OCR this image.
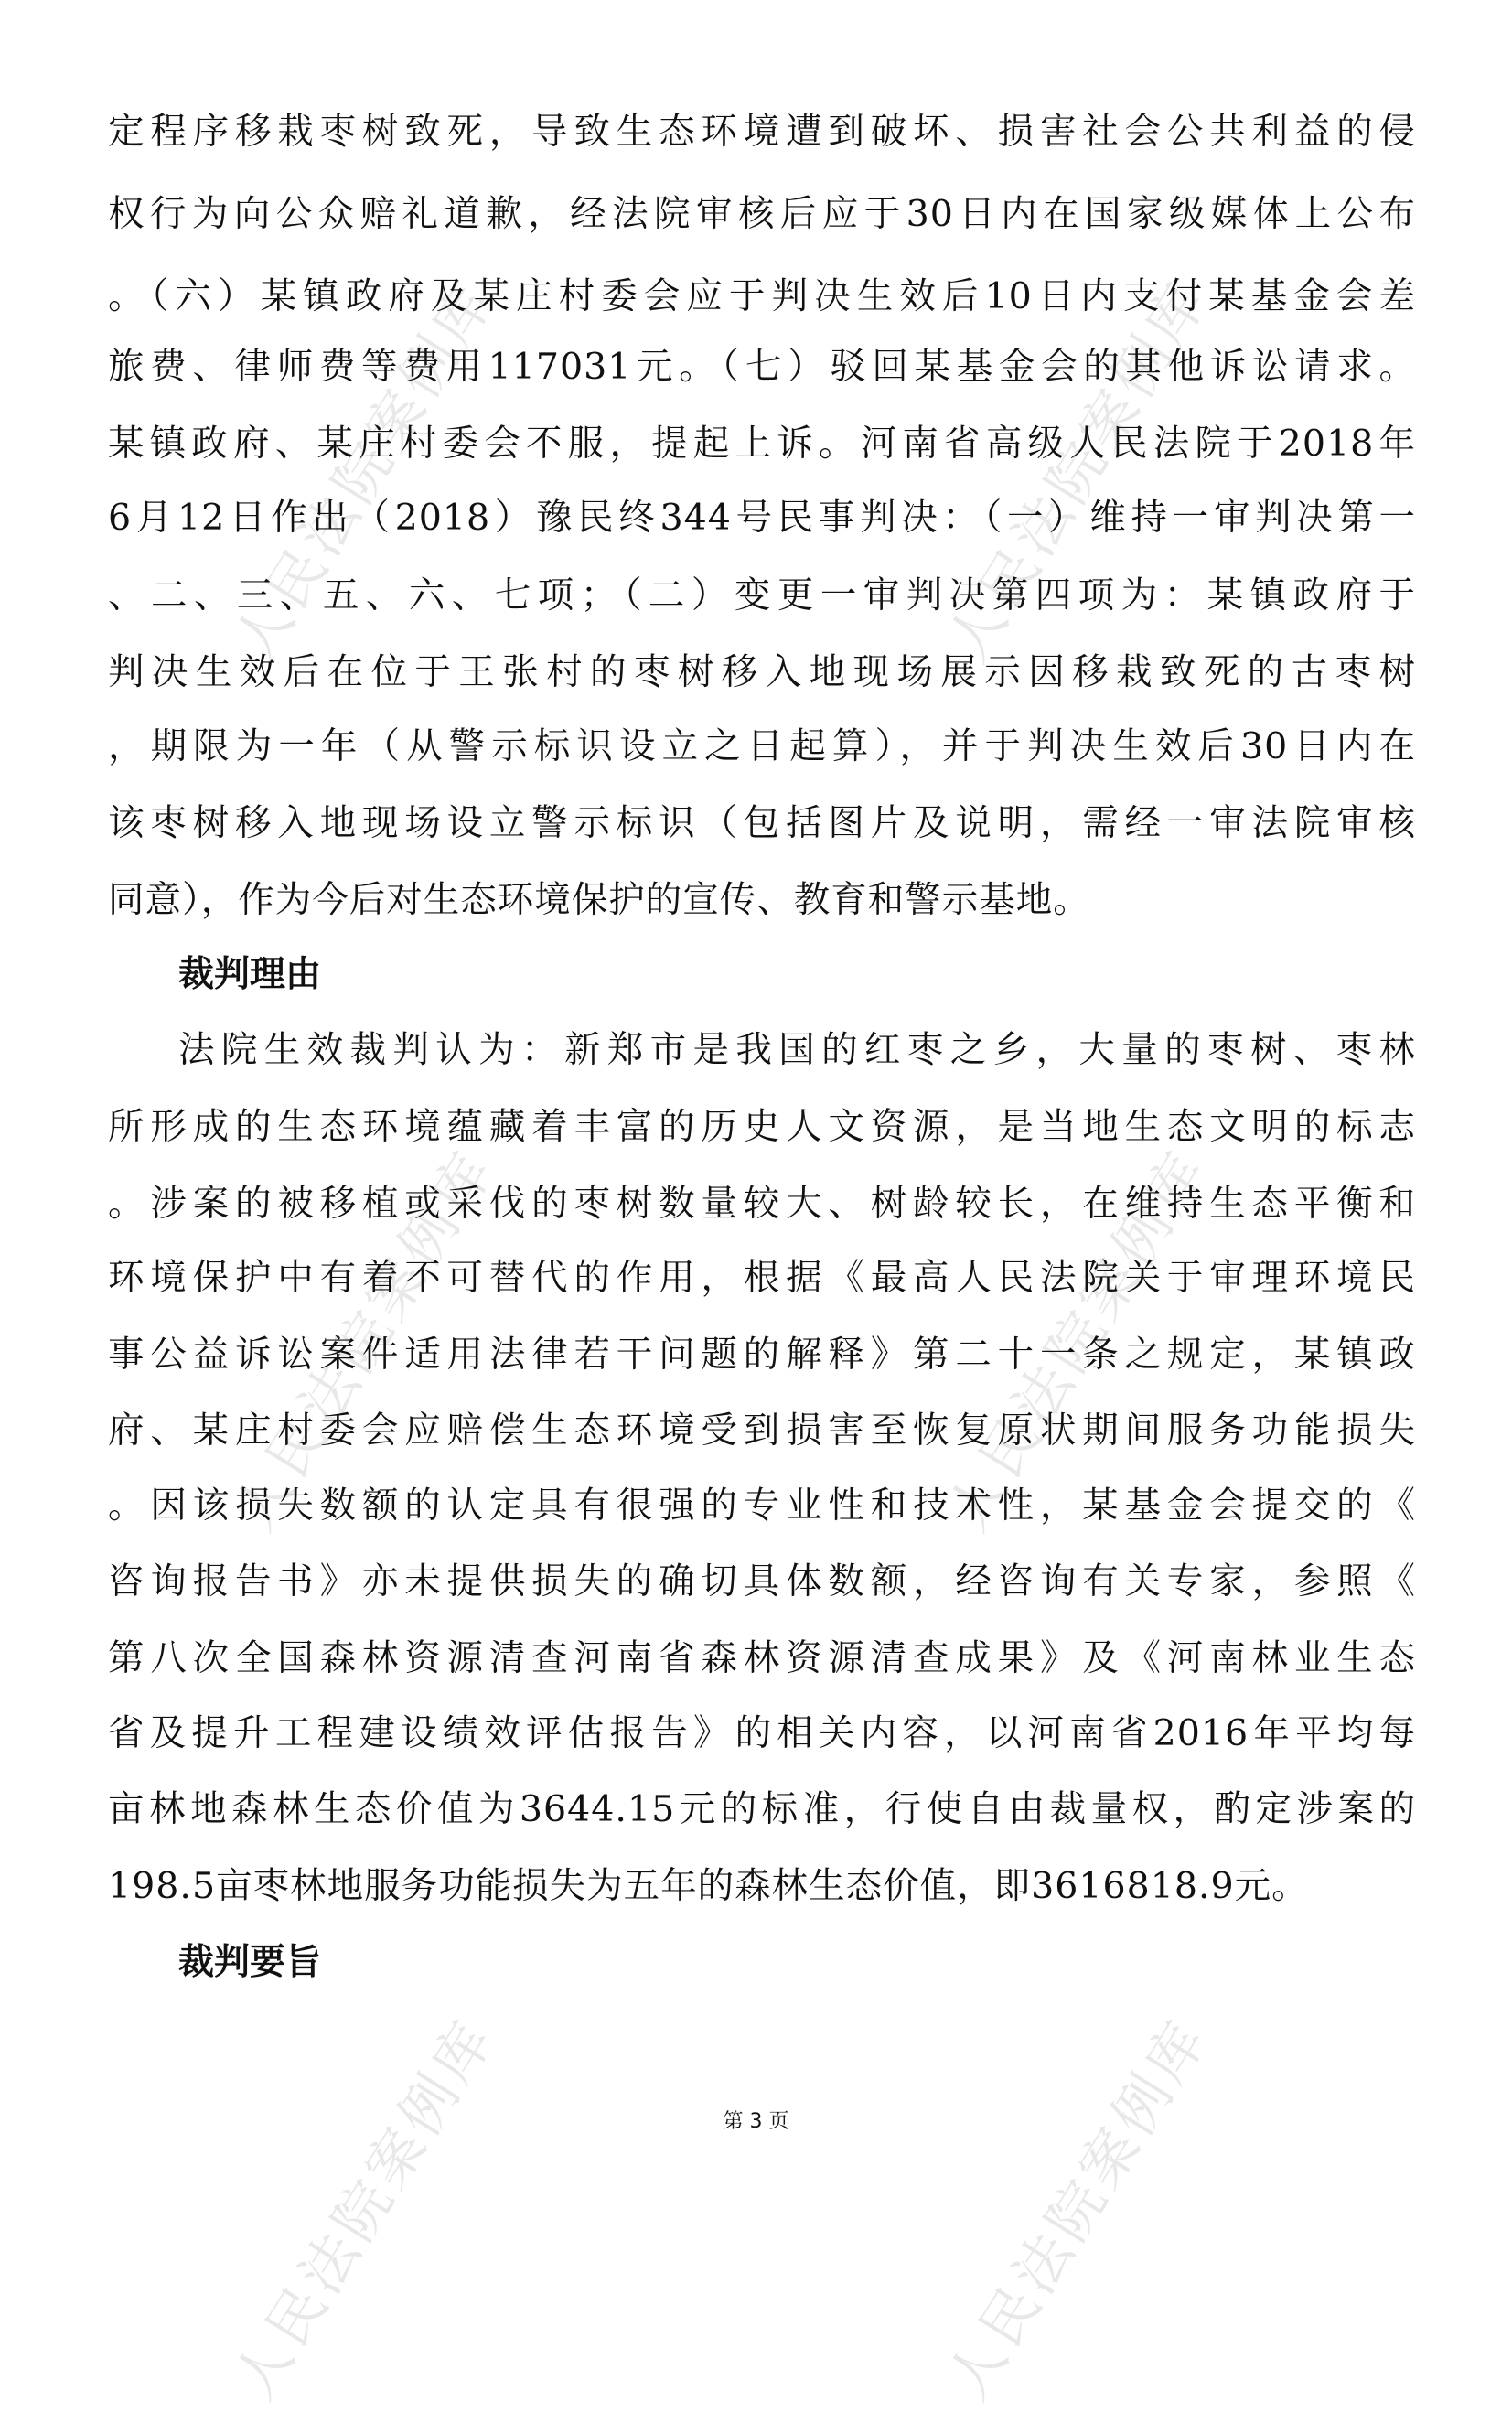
人民法院案例库	人民法院案例库
人民法院案例库	人民法院案例库
人民法院案例库	人民法院案例库
定程序移栽枣树致死，导致生态环境遭到破坏、损害社会公共利益的侵
权行为向公众赔礼道歉，经法院审核后应于30日内在国家级媒体上公布
。（六）某镇政府及某庄村委会应于判决生效后10日内支付某基金会差
旅费、律师费等费用117031元。（七）驳回某基金会的其他诉讼请求。
某镇政府、某庄村委会不服，提起上诉。河南省高级人民法院于2018年
6月12日作出（2018）豫民终344号民事判决：（一）维持一审判决第一
、二、三、五、六、七项；（二）变更一审判决第四项为：某镇政府于
判决生效后在位于王张村的枣树移入地现场展示因移栽致死的古枣树
，期限为一年（从警示标识设立之日起算），并于判决生效后30日内在
该枣树移入地现场设立警示标识（包括图片及说明，需经一审法院审核
同意），作为今后对生态环境保护的宣传、教育和警示基地。
裁判理由
法院生效裁判认为：新郑市是我国的红枣之乡，大量的枣树、枣林
所形成的生态环境蕴藏着丰富的历史人文资源，是当地生态文明的标志
。涉案的被移植或采伐的枣树数量较大、树龄较长，在维持生态平衡和
环境保护中有着不可替代的作用，根据《最高人民法院关于审理环境民
事公益诉讼案件适用法律若干问题的解释》第二十一条之规定，某镇政
府、某庄村委会应赔偿生态环境受到损害至恢复原状期间服务功能损失
。因该损失数额的认定具有很强的专业性和技术性，某基金会提交的《
咨询报告书》亦未提供损失的确切具体数额，经咨询有关专家，参照《
第八次全国森林资源清查河南省森林资源清查成果》及《河南林业生态
省及提升工程建设绩效评估报告》的相关内容，以河南省2016年平均每
亩林地森林生态价值为3644.15元的标准，行使自由裁量权，酌定涉案的
198.5亩枣林地服务功能损失为五年的森林生态价值，即3616818.9元。
裁判要旨
第 3 页
